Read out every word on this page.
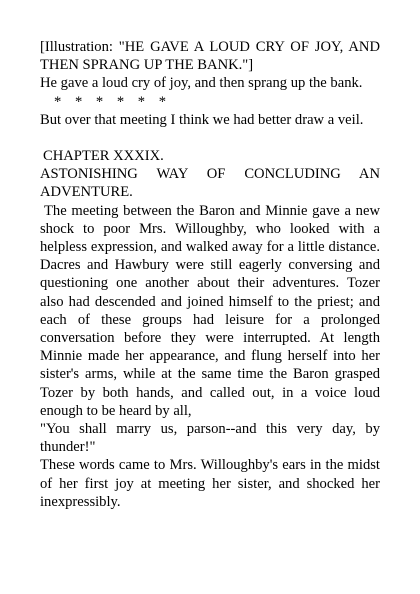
[Illustration: "HE GAVE A LOUD CRY OF JOY, AND THEN SPRANG UP THE BANK."]

He gave a loud cry of joy, and then sprang up the bank.

* * * * * *

But over that meeting I think we had better draw a veil.

CHAPTER XXXIX.

ASTONISHING WAY OF CONCLUDING AN ADVENTURE.

The meeting between the Baron and Minnie gave a new shock to poor Mrs. Willoughby, who looked with a helpless expression, and walked away for a little distance. Dacres and Hawbury were still eagerly conversing and questioning one another about their adventures. Tozer also had descended and joined himself to the priest; and each of these groups had leisure for a prolonged conversation before they were interrupted. At length Minnie made her appearance, and flung herself into her sister's arms, while at the same time the Baron grasped Tozer by both hands, and called out, in a voice loud enough to be heard by all,

"You shall marry us, parson--and this very day, by thunder!"

These words came to Mrs. Willoughby's ears in the midst of her first joy at meeting her sister, and shocked her inexpressibly.
